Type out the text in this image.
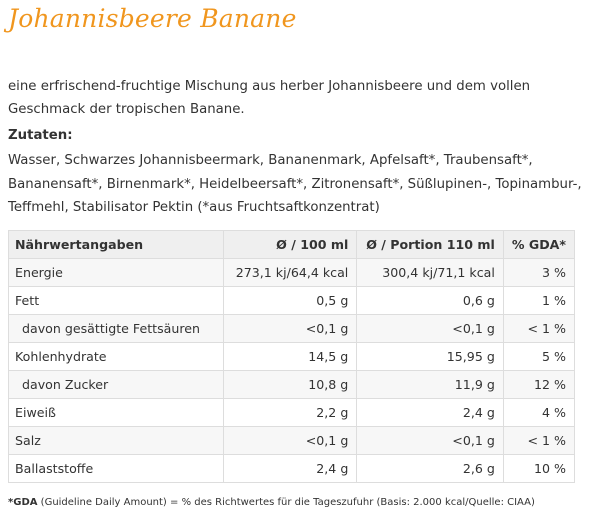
Johannisbeere Banane
eine erfrischend-fruchtige Mischung aus herber Johannisbeere und dem vollen Geschmack der tropischen Banane.
Zutaten:
Wasser, Schwarzes Johannisbeermark, Bananenmark, Apfelsaft*, Traubensaft*, Bananensaft*, Birnenmark*, Heidelbeersaft*, Zitronensaft*, Süßlupinen-, Topinambur-, Teffmehl, Stabilisator Pektin (*aus Fruchtsaftkonzentrat)
Nährwertangaben	Ø / 100 ml	Ø / Portion 110 ml	% GDA*
Energie	273,1 kj/64,4 kcal	300,4 kj/71,1 kcal	3 %
Fett	0,5 g	0,6 g	1 %
davon gesättigte Fettsäuren	<0,1 g	<0,1 g	< 1 %
Kohlenhydrate	14,5 g	15,95 g	5 %
davon Zucker	10,8 g	11,9 g	12 %
Eiweiß	2,2 g	2,4 g	4 %
Salz	<0,1 g	<0,1 g	< 1 %
Ballaststoffe	2,4 g	2,6 g	10 %
*GDA (Guideline Daily Amount) = % des Richtwertes für die Tageszufuhr (Basis: 2.000 kcal/Quelle: CIAA)
